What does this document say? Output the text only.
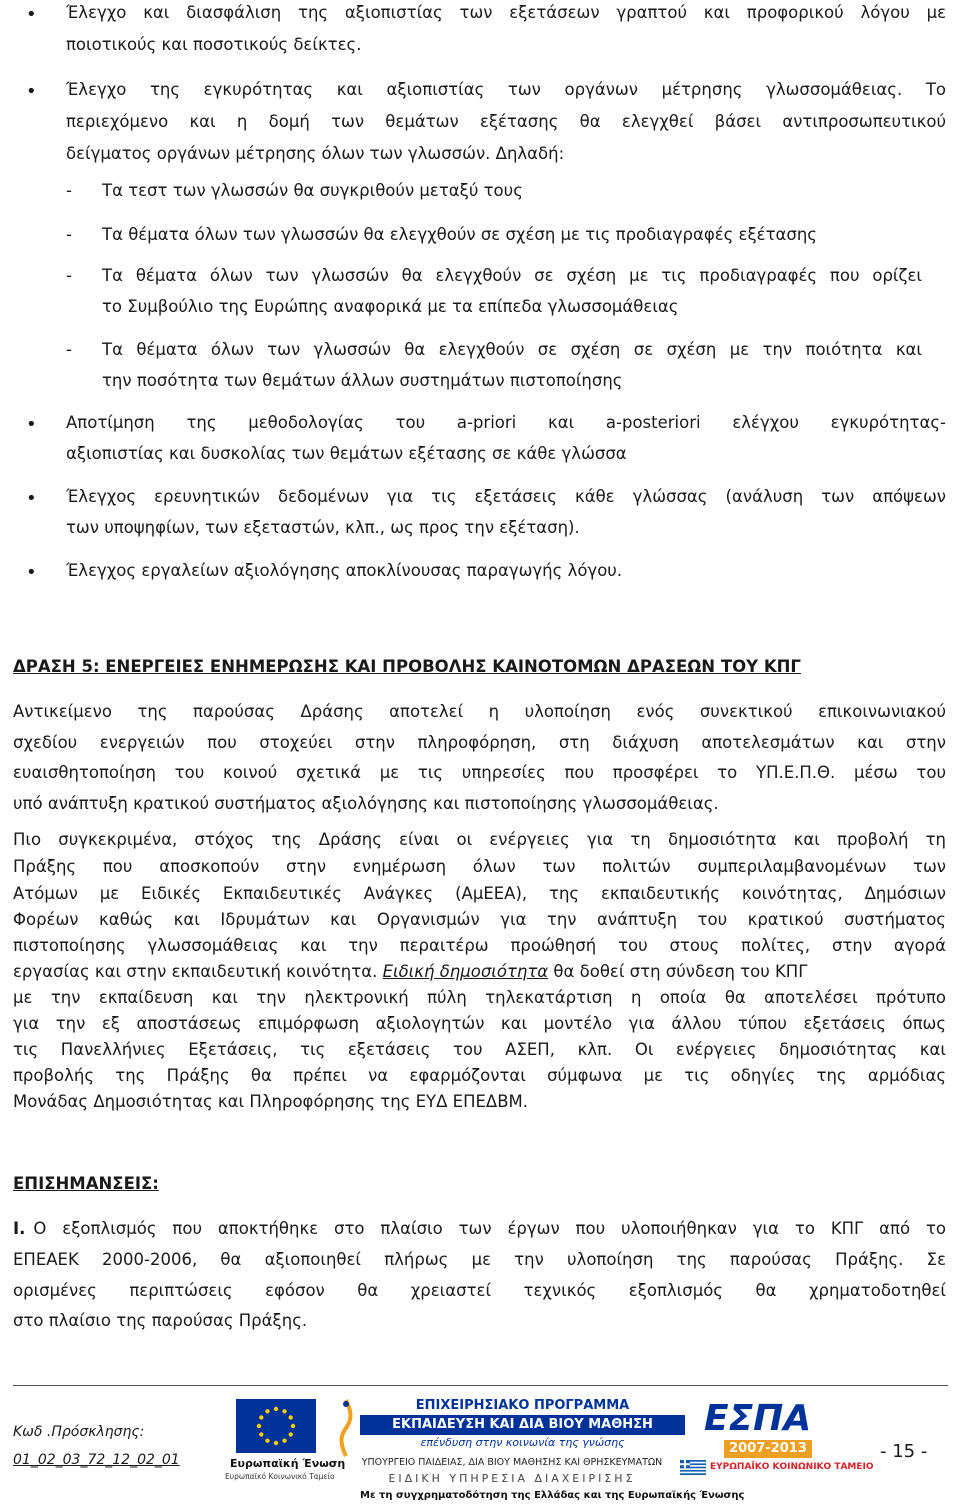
• Έλεγχο και διασφάλιση της αξιοπιστίας των εξετάσεων γραπτού και προφορικού λόγου με
ποιοτικούς και ποσοτικούς δείκτες.
• Έλεγχο της εγκυρότητας και αξιοπιστίας των οργάνων μέτρησης γλωσσομάθειας. Το
περιεχόμενο και η δομή των θεμάτων εξέτασης θα ελεγχθεί βάσει αντιπροσωπευτικού
δείγματος οργάνων μέτρησης όλων των γλωσσών. Δηλαδή:
- Τα τεστ των γλωσσών θα συγκριθούν μεταξύ τους
- Τα θέματα όλων των γλωσσών θα ελεγχθούν σε σχέση με τις προδιαγραφές εξέτασης
- Τα θέματα όλων των γλωσσών θα ελεγχθούν σε σχέση με τις προδιαγραφές που ορίζει
το Συμβούλιο της Ευρώπης αναφορικά με τα επίπεδα γλωσσομάθειας
- Τα θέματα όλων των γλωσσών θα ελεγχθούν σε σχέση σε σχέση με την ποιότητα και
την ποσότητα των θεμάτων άλλων συστημάτων πιστοποίησης
• Αποτίμηση της μεθοδολογίας του a-priori και a-posteriori ελέγχου εγκυρότητας-
αξιοπιστίας και δυσκολίας των θεμάτων εξέτασης σε κάθε γλώσσα
• Έλεγχος ερευνητικών δεδομένων για τις εξετάσεις κάθε γλώσσας (ανάλυση των απόψεων
των υποψηφίων, των εξεταστών, κλπ., ως προς την εξέταση).
• Έλεγχος εργαλείων αξιολόγησης αποκλίνουσας παραγωγής λόγου.
ΔΡΑΣΗ 5: ΕΝΕΡΓΕΙΕΣ ΕΝΗΜΕΡΩΣΗΣ ΚΑΙ ΠΡΟΒΟΛΗΣ ΚΑΙΝΟΤΟΜΩΝ ΔΡΑΣΕΩΝ ΤΟΥ ΚΠΓ
Αντικείμενο της παρούσας Δράσης αποτελεί η υλοποίηση ενός συνεκτικού επικοινωνιακού
σχεδίου ενεργειών που στοχεύει στην πληροφόρηση, στη διάχυση αποτελεσμάτων και στην
ευαισθητοποίηση του κοινού σχετικά με τις υπηρεσίες που προσφέρει το ΥΠ.Ε.Π.Θ. μέσω του
υπό ανάπτυξη κρατικού συστήματος αξιολόγησης και πιστοποίησης γλωσσομάθειας.
Πιο συγκεκριμένα, στόχος της Δράσης είναι οι ενέργειες για τη δημοσιότητα και προβολή τη
Πράξης που αποσκοπούν στην ενημέρωση όλων των πολιτών συμπεριλαμβανομένων των
Ατόμων με Ειδικές Εκπαιδευτικές Ανάγκες (ΑμΕΕΑ), της εκπαιδευτικής κοινότητας, Δημόσιων
Φορέων καθώς και Ιδρυμάτων και Οργανισμών για την ανάπτυξη του κρατικού συστήματος
πιστοποίησης γλωσσομάθειας και την περαιτέρω προώθησή του στους πολίτες, στην αγορά
εργασίας και στην εκπαιδευτική κοινότητα. Ειδική δημοσιότητα θα δοθεί στη σύνδεση του ΚΠΓ
με την εκπαίδευση και την ηλεκτρονική πύλη τηλεκατάρτιση η οποία θα αποτελέσει πρότυπο
για την εξ αποστάσεως επιμόρφωση αξιολογητών και μοντέλο για άλλου τύπου εξετάσεις όπως
τις Πανελλήνιες Εξετάσεις, τις εξετάσεις του ΑΣΕΠ, κλπ. Οι ενέργειες δημοσιότητας και
προβολής της Πράξης θα πρέπει να εφαρμόζονται σύμφωνα με τις οδηγίες της αρμόδιας
Μονάδας Δημοσιότητας και Πληροφόρησης της ΕΥΔ ΕΠΕΔΒΜ.
ΕΠΙΣΗΜΑΝΣΕΙΣ:
Ι. Ο εξοπλισμός που αποκτήθηκε στο πλαίσιο των έργων που υλοποιήθηκαν για το ΚΠΓ από το
ΕΠΕΑΕΚ 2000-2006, θα αξιοποιηθεί πλήρως με την υλοποίηση της παρούσας Πράξης. Σε
ορισμένες περιπτώσεις εφόσον θα χρειαστεί τεχνικός εξοπλισμός θα χρηματοδοτηθεί
στο πλαίσιο της παρούσας Πράξης.
Κωδ .Πρόσκλησης:
01_02_03_72_12_02_01	Ευρωπαϊκή Ένωση
Ευρωπαϊκό Κοινωνικό Ταμείο
ΕΠΙΧΕΙΡΗΣΙΑΚΟ ΠΡΟΓΡΑΜΜΑ
ΕΚΠΑΙΔΕΥΣΗ ΚΑΙ ΔΙΑ ΒΙΟΥ ΜΑΘΗΣΗ
επένδυση στην κοινωνία της γνώσης
ΥΠΟΥΡΓΕΙΟ ΠΑΙΔΕΙΑΣ, ΔΙΑ ΒΙΟΥ ΜΑΘΗΣΗΣ ΚΑΙ ΘΡΗΣΚΕΥΜΑΤΩΝ
ΕΙΔΙΚΗ ΥΠΗΡΕΣΙΑ ΔΙΑΧΕΙΡΙΣΗΣ
ΕΣΠΑ
2007-2013
ΕΥΡΩΠΑΪΚΟ ΚΟΙΝΩΝΙΚΟ ΤΑΜΕΙΟ
- 15 -
Με τη συγχρηματοδότηση της Ελλάδας και της Ευρωπαϊκής Ένωσης
